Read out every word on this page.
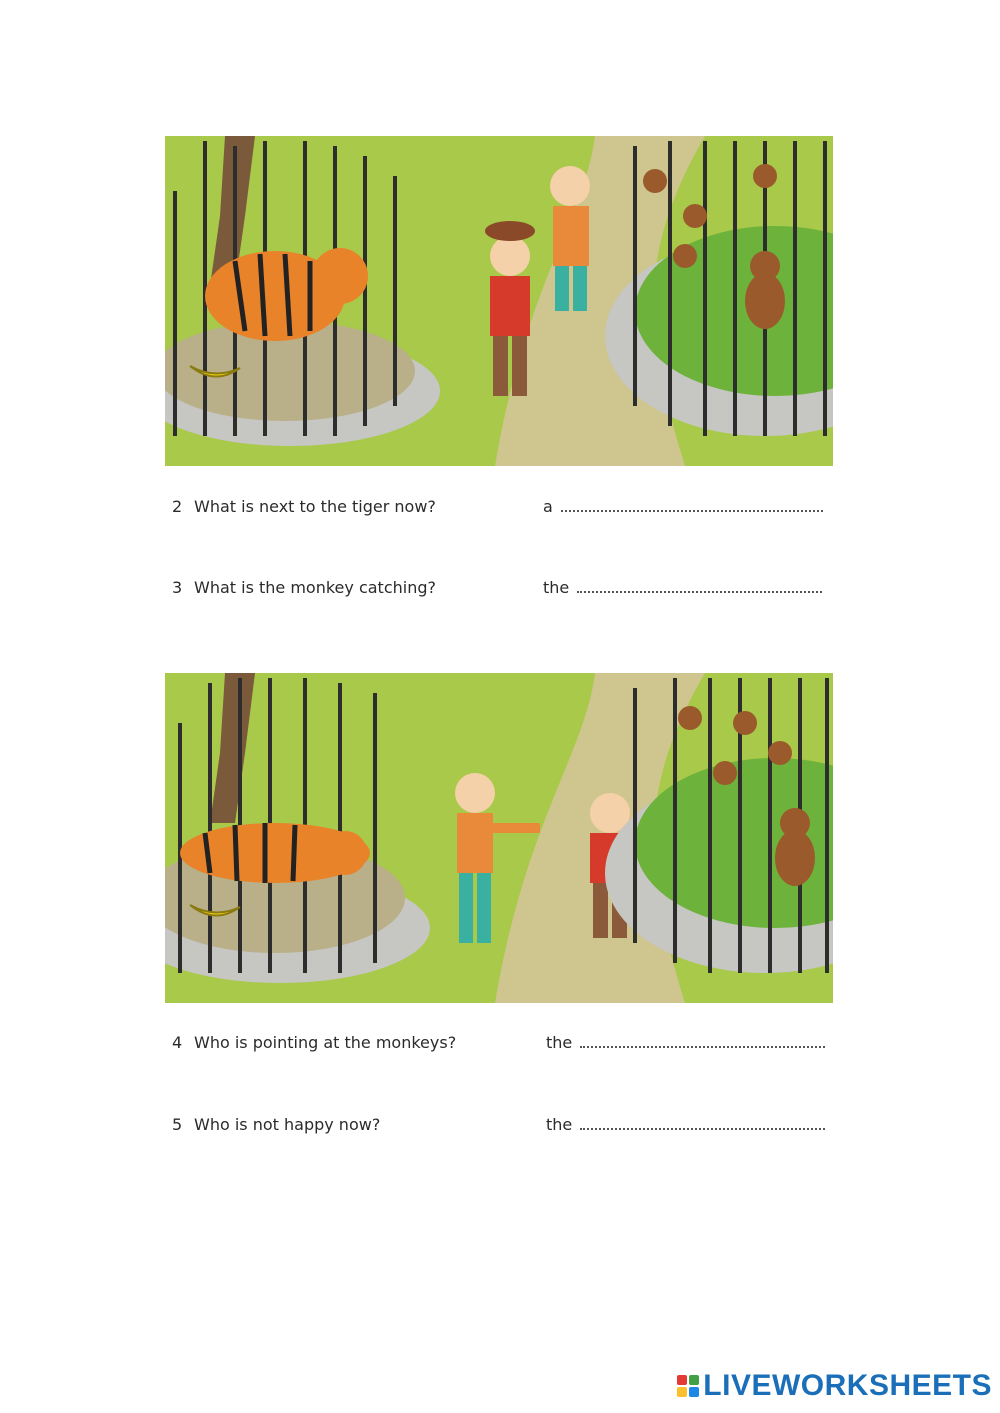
2 What is next to the tiger now?	a
3 What is the monkey catching?	the
4 Who is pointing at the monkeys?	the
5 Who is not happy now?	the
LIVEWORKSHEETS
